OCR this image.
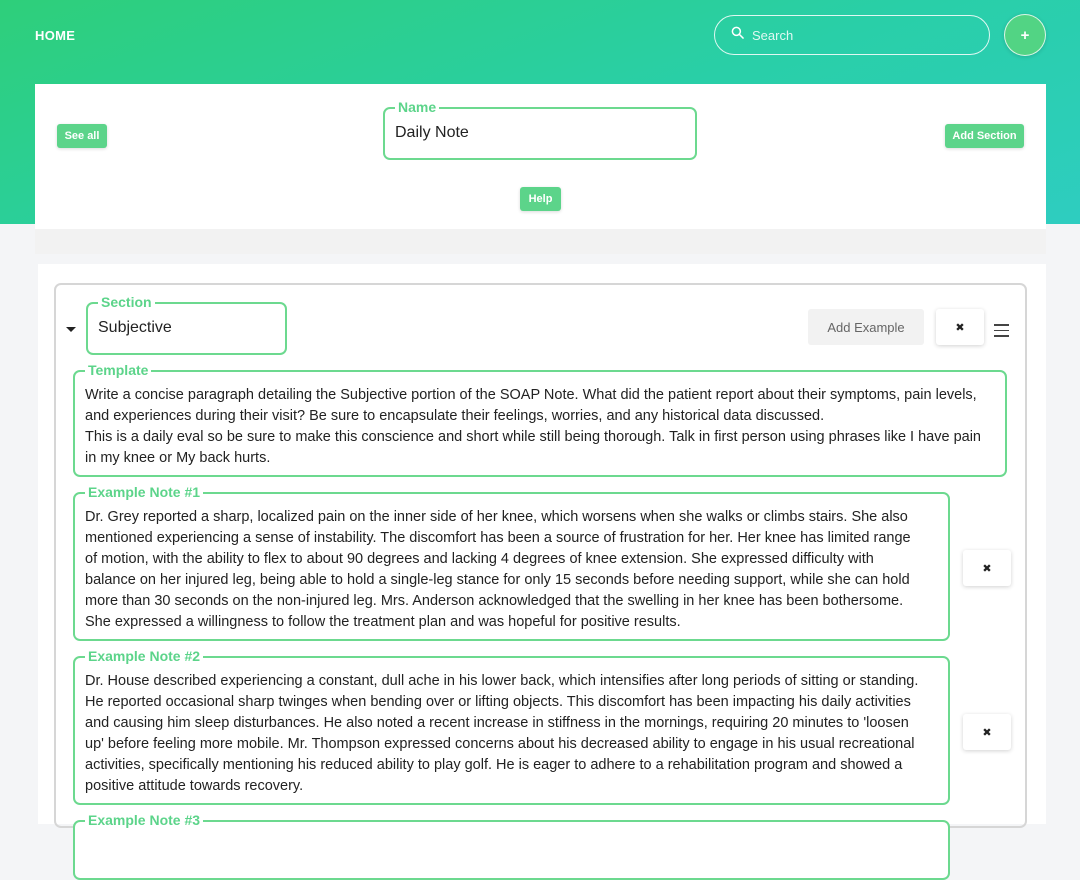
HOME
Search	+
See all
Name
Daily Note	Add Section
Help
Section
Subjective	Add Example	✖
Template
Write a concise paragraph detailing the Subjective portion of the SOAP Note. What did the patient report about their symptoms, pain levels,
and experiences during their visit? Be sure to encapsulate their feelings, worries, and any historical data discussed.
This is a daily eval so be sure to make this conscience and short while still being thorough. Talk in first person using phrases like I have pain
in my knee or My back hurts.
Example Note #1
Dr. Grey reported a sharp, localized pain on the inner side of her knee, which worsens when she walks or climbs stairs. She also
mentioned experiencing a sense of instability. The discomfort has been a source of frustration for her. Her knee has limited range
of motion, with the ability to flex to about 90 degrees and lacking 4 degrees of knee extension. She expressed difficulty with
balance on her injured leg, being able to hold a single-leg stance for only 15 seconds before needing support, while she can hold
more than 30 seconds on the non-injured leg. Mrs. Anderson acknowledged that the swelling in her knee has been bothersome.
She expressed a willingness to follow the treatment plan and was hopeful for positive results.
✖
Example Note #2
Dr. House described experiencing a constant, dull ache in his lower back, which intensifies after long periods of sitting or standing.
He reported occasional sharp twinges when bending over or lifting objects. This discomfort has been impacting his daily activities
and causing him sleep disturbances. He also noted a recent increase in stiffness in the mornings, requiring 20 minutes to 'loosen
up' before feeling more mobile. Mr. Thompson expressed concerns about his decreased ability to engage in his usual recreational
activities, specifically mentioning his reduced ability to play golf. He is eager to adhere to a rehabilitation program and showed a
positive attitude towards recovery.
✖
Example Note #3
